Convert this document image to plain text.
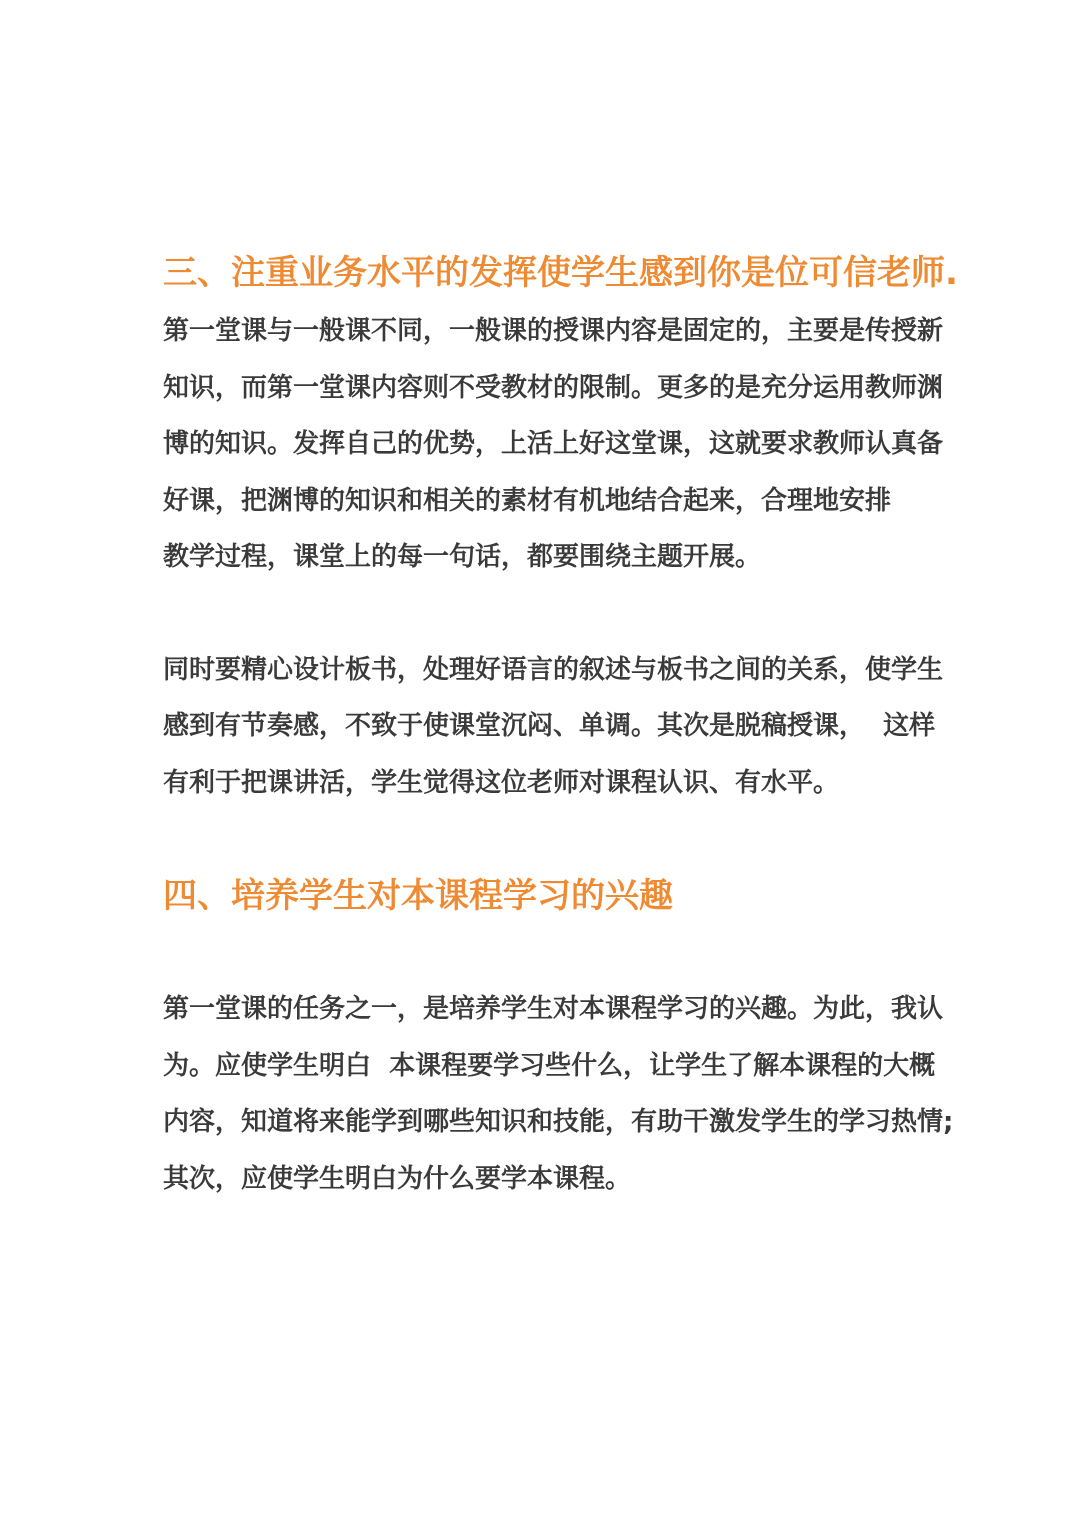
三、注重业务水平的发挥使学生感到你是位可信老师.

第一堂课与一般课不同，一般课的授课内容是固定的，主要是传授新

知识，而第一堂课内容则不受教材的限制。更多的是充分运用教师渊

博的知识。发挥自己的优势，上活上好这堂课，这就要求教师认真备

好课，把渊博的知识和相关的素材有机地结合起来，合理地安排

教学过程，课堂上的每一句话，都要围绕主题开展。

同时要精心设计板书，处理好语言的叙述与板书之间的关系，使学生

感到有节奏感，不致于使课堂沉闷、单调。其次是脱稿授课，  这样

有利于把课讲活，学生觉得这位老师对课程认识、有水平。

四、培养学生对本课程学习的兴趣

第一堂课的任务之一，是培养学生对本课程学习的兴趣。为此，我认

为。应使学生明白  本课程要学习些什么，让学生了解本课程的大概

内容，知道将来能学到哪些知识和技能，有助干激发学生的学习热情;

其次，应使学生明白为什么要学本课程。
